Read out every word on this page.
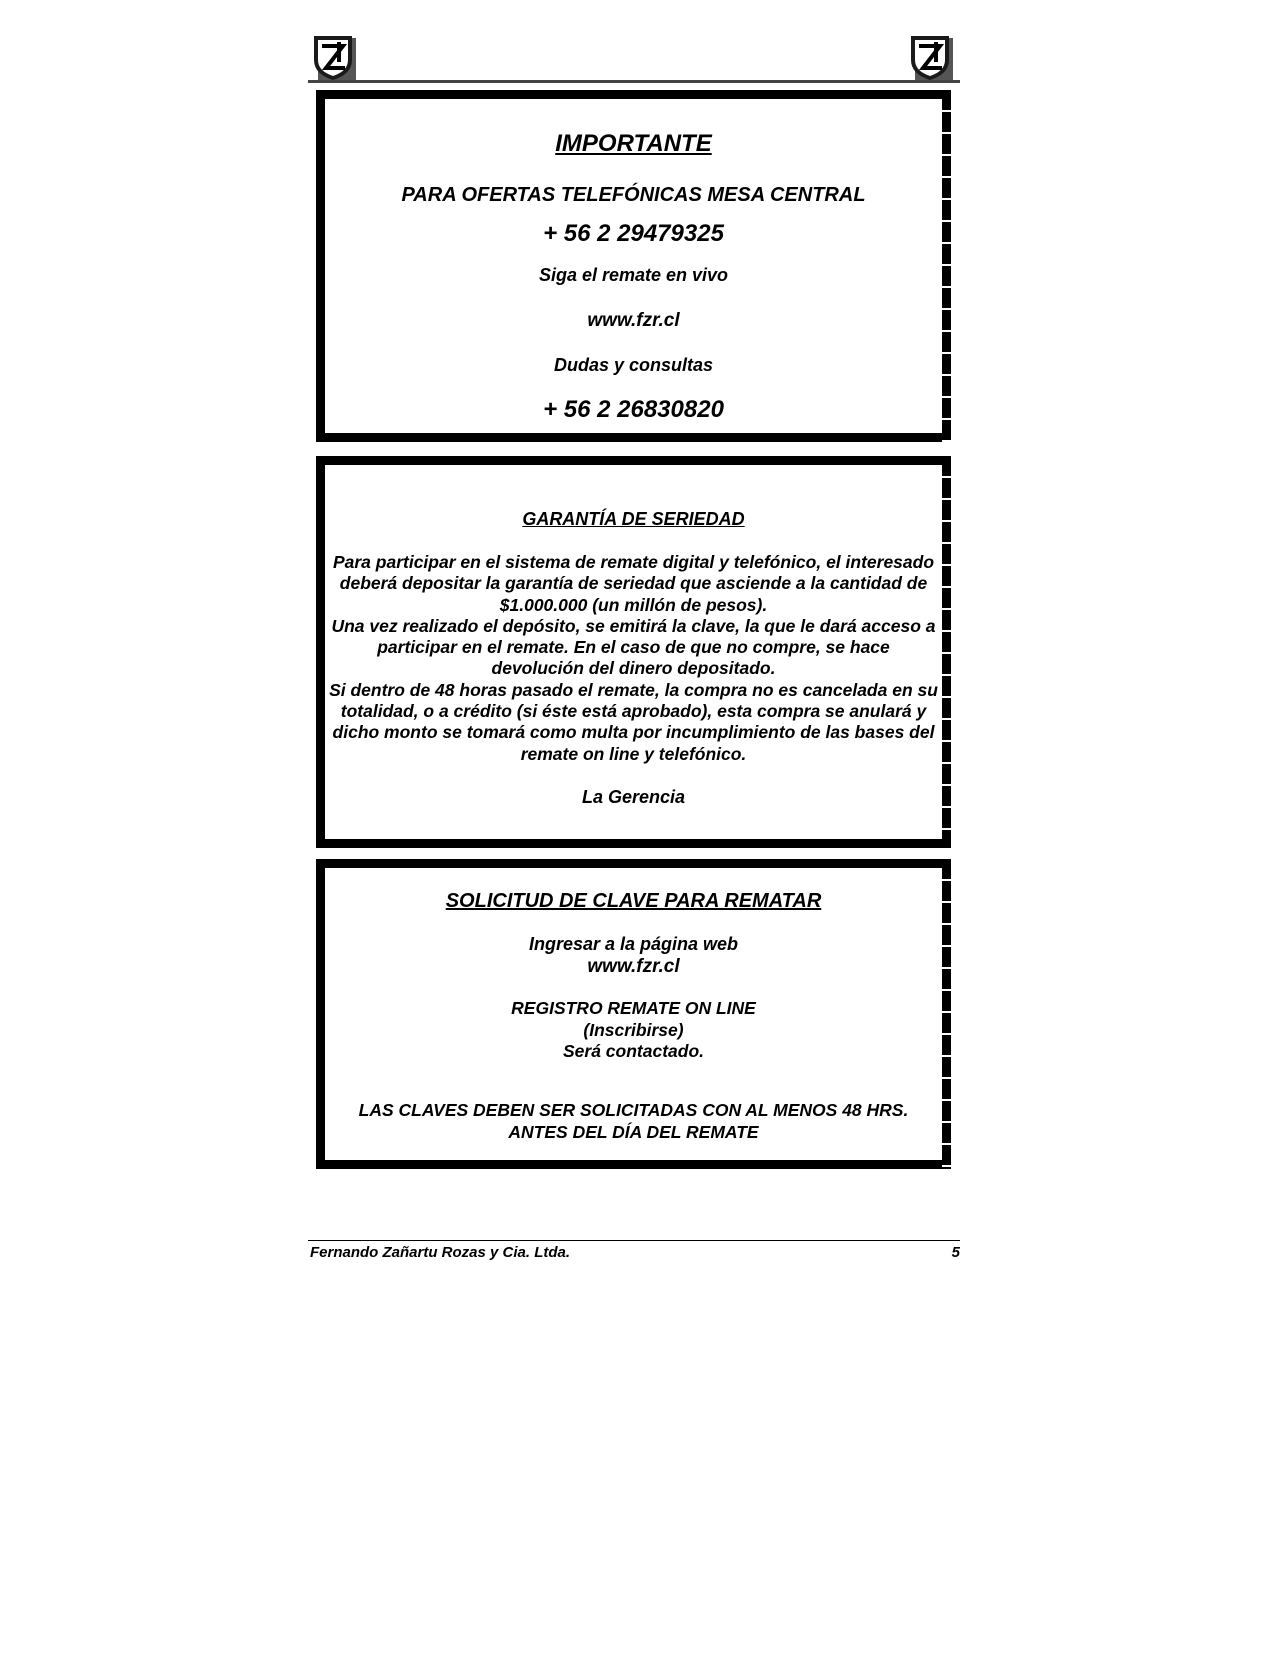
IMPORTANTE
PARA OFERTAS TELEFÓNICAS MESA CENTRAL
+ 56 2 29479325
Siga el remate en vivo
www.fzr.cl
Dudas y consultas
+ 56 2 26830820
GARANTÍA DE SERIEDAD

Para participar en el sistema de remate digital y telefónico, el interesado deberá depositar la garantía de seriedad que asciende a la cantidad de $1.000.000 (un millón de pesos).

Una vez realizado el depósito, se emitirá la clave, la que le dará acceso a participar en el remate. En el caso de que no compre, se hace devolución del dinero depositado.

Si dentro de 48 horas pasado el remate, la compra no es cancelada en su totalidad, o a crédito (si éste está aprobado), esta compra se anulará y dicho monto se tomará como multa por incumplimiento de las bases del remate on line y telefónico.

La Gerencia
SOLICITUD DE CLAVE PARA REMATAR
Ingresar a la página web
www.fzr.cl
REGISTRO REMATE ON LINE
(Inscribirse)
Será contactado.
LAS CLAVES DEBEN SER SOLICITADAS CON AL MENOS 48 HRS.
ANTES DEL DÍA DEL REMATE
Fernando Zañartu Rozas y Cia. Ltda.	5
